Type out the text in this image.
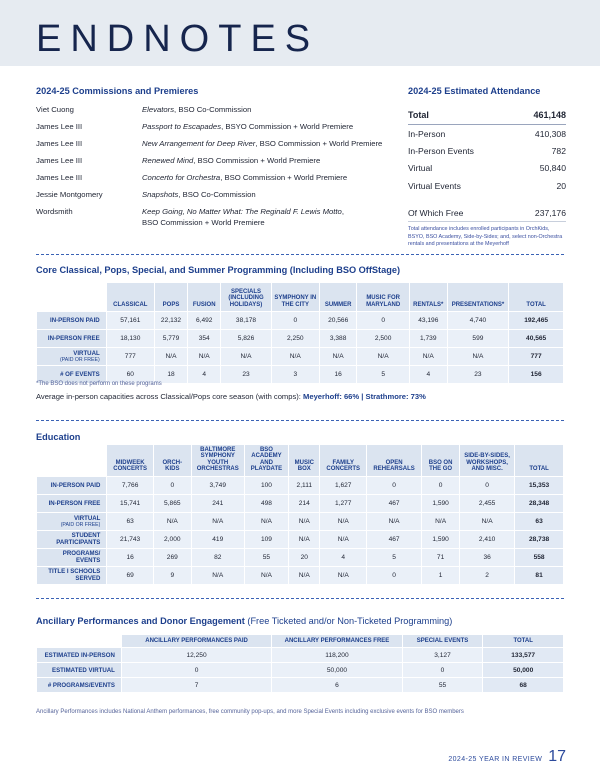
ENDNOTES
2024-25 Commissions and Premieres
Viet Cuong	Elevators, BSO Co-Commission
James Lee III	Passport to Escapades, BSYO Commission + World Premiere
James Lee III	New Arrangement for Deep River, BSO Commission + World Premiere
James Lee III	Renewed Mind, BSO Commission + World Premiere
James Lee III	Concerto for Orchestra, BSO Commission + World Premiere
Jessie Montgomery	Snapshots, BSO Co-Commission
Wordsmith	Keep Going, No Matter What: The Reginald F. Lewis Motto,
BSO Commission + World Premiere
2024-25 Estimated Attendance
Total	461,148
In-Person	410,308
In-Person Events	782
Virtual	50,840
Virtual Events	20
Of Which Free	237,176
Total attendance includes enrolled participants in OrchKids, BSYO, BSO Academy, Side-by-Sides; and, select non-Orchestra rentals and presentations at the Meyerhoff
Core Classical, Pops, Special, and Summer Programming (Including BSO OffStage)
	CLASSICAL	POPS	FUSION	SPECIALS (INCLUDING HOLIDAYS)	SYMPHONY IN THE CITY	SUMMER	MUSIC FOR MARYLAND	RENTALS*	PRESENTATIONS*	TOTAL
IN-PERSON PAID	57,161	22,132	6,492	38,178	0	20,566	0	43,196	4,740	192,465
IN-PERSON FREE	18,130	5,779	354	5,826	2,250	3,388	2,500	1,739	599	40,565
VIRTUAL
(PAID OR FREE)	777	N/A	N/A	N/A	N/A	N/A	N/A	N/A	N/A	777
# OF EVENTS	60	18	4	23	3	16	5	4	23	156
*The BSO does not perform on these programs
Average in-person capacities across Classical/Pops core season (with comps): Meyerhoff: 66% | Strathmore: 73%
Education
	MIDWEEK CONCERTS	ORCH-KIDS	BALTIMORE SYMPHONY YOUTH ORCHESTRAS	BSO ACADEMY AND PLAYDATE	MUSIC BOX	FAMILY CONCERTS	OPEN REHEARSALS	BSO ON THE GO	SIDE-BY-SIDES, WORKSHOPS, AND MISC.	TOTAL
IN-PERSON PAID	7,766	0	3,749	100	2,111	1,627	0	0	0	15,353
IN-PERSON FREE	15,741	5,865	241	498	214	1,277	467	1,590	2,455	28,348
VIRTUAL
(PAID OR FREE)	63	N/A	N/A	N/A	N/A	N/A	N/A	N/A	N/A	63
STUDENT PARTICIPANTS	21,743	2,000	419	109	N/A	N/A	467	1,590	2,410	28,738
PROGRAMS/ EVENTS	16	269	82	55	20	4	5	71	36	558
TITLE I SCHOOLS SERVED	69	9	N/A	N/A	N/A	N/A	0	1	2	81
Ancillary Performances and Donor Engagement (Free Ticketed and/or Non-Ticketed Programming)
	ANCILLARY PERFORMANCES PAID	ANCILLARY PERFORMANCES FREE	SPECIAL EVENTS	TOTAL
ESTIMATED IN-PERSON	12,250	118,200	3,127	133,577
ESTIMATED VIRTUAL	0	50,000	0	50,000
# PROGRAMS/EVENTS	7	6	55	68
Ancillary Performances includes National Anthem performances, free community pop-ups, and more Special Events including exclusive events for BSO members
2024-25 YEAR IN REVIEW 17
